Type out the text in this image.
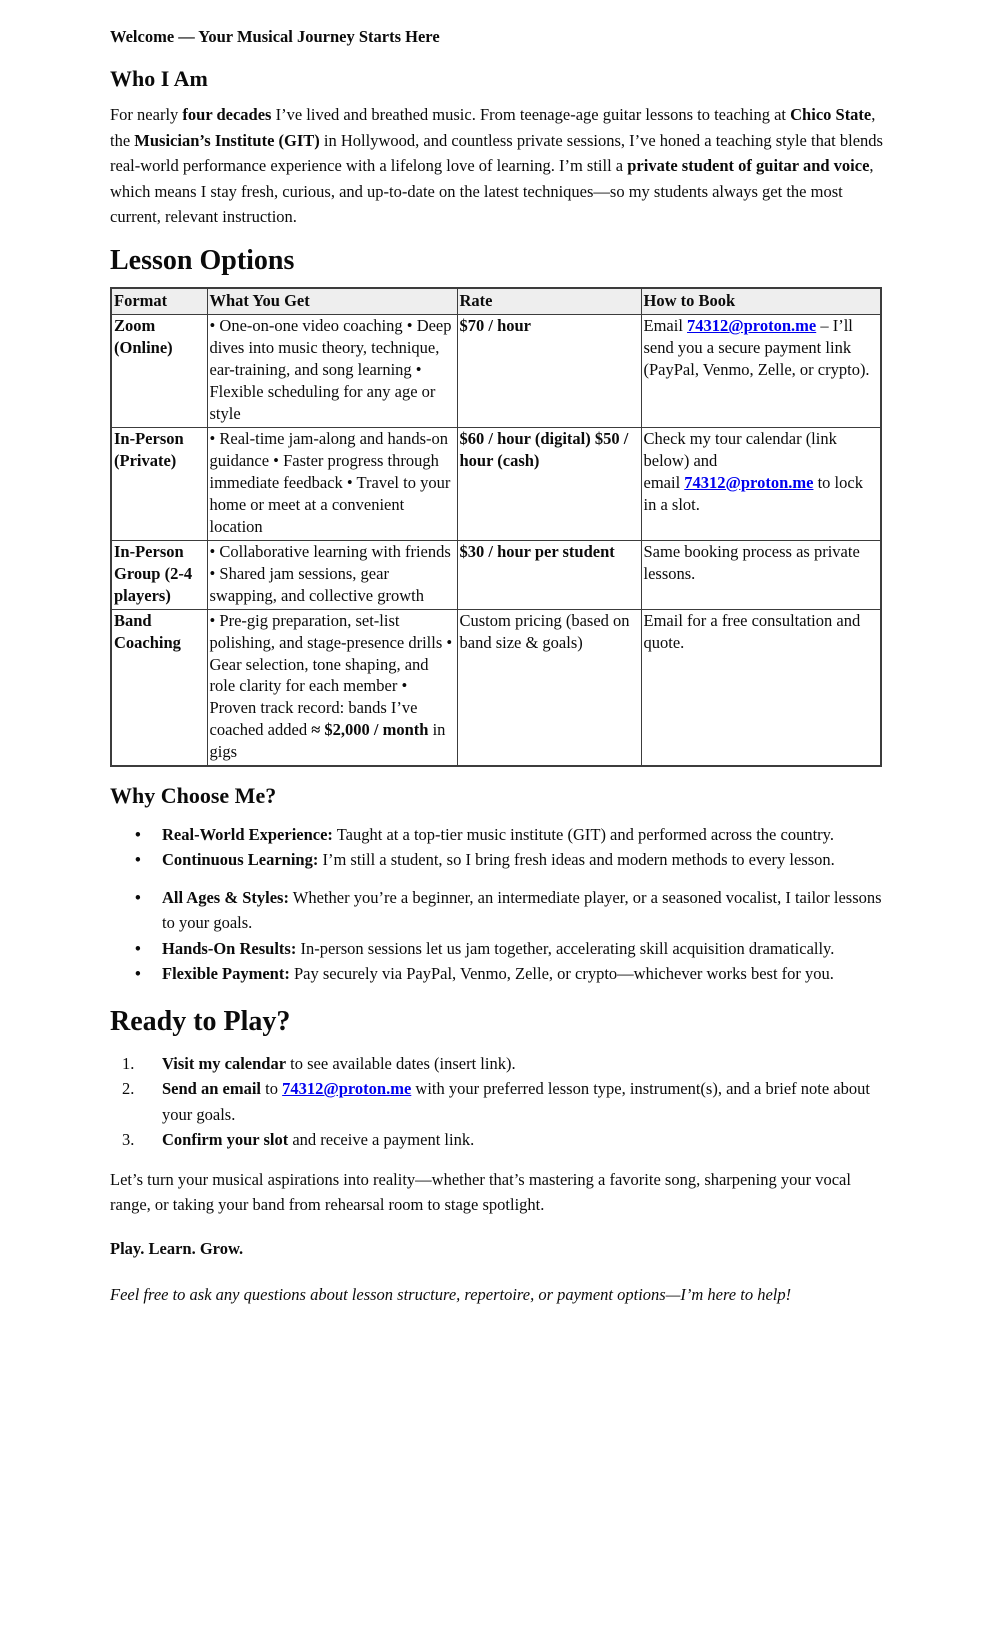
Welcome — Your Musical Journey Starts Here

Who I Am

For nearly four decades I’ve lived and breathed music. From teenage-age guitar lessons to teaching at Chico State, the Musician’s Institute (GIT) in Hollywood, and countless private sessions, I’ve honed a teaching style that blends real-world performance experience with a lifelong love of learning. I’m still a private student of guitar and voice, which means I stay fresh, curious, and up-to-date on the latest techniques—so my students always get the most current, relevant instruction.

Lesson Options
Format	What You Get	Rate	How to Book
Zoom (Online)	• One-on-one video coaching • Deep dives into music theory, technique, ear-training, and song learning • Flexible scheduling for any age or style	$70 / hour	Email 74312@proton.me – I’ll send you a secure payment link (PayPal, Venmo, Zelle, or crypto).
In-Person (Private)	• Real-time jam-along and hands-on guidance • Faster progress through immediate feedback • Travel to your home or meet at a convenient location	$60 / hour (digital) $50 / hour (cash)	Check my tour calendar (link below) and email 74312@proton.me to lock in a slot.
In-Person Group (2-4 players)	• Collaborative learning with friends • Shared jam sessions, gear swapping, and collective growth	$30 / hour per student	Same booking process as private lessons.
Band Coaching	• Pre-gig preparation, set-list polishing, and stage-presence drills • Gear selection, tone shaping, and role clarity for each member • Proven track record: bands I’ve coached added ≈ $2,000 / month in gigs	Custom pricing (based on band size & goals)	Email for a free consultation and quote.
Why Choose Me?
• Real-World Experience: Taught at a top-tier music institute (GIT) and performed across the country.
• Continuous Learning: I’m still a student, so I bring fresh ideas and modern methods to every lesson.
• All Ages & Styles: Whether you’re a beginner, an intermediate player, or a seasoned vocalist, I tailor lessons to your goals.
• Hands-On Results: In-person sessions let us jam together, accelerating skill acquisition dramatically.
• Flexible Payment: Pay securely via PayPal, Venmo, Zelle, or crypto—whichever works best for you.
Ready to Play?
Visit my calendar to see available dates (insert link).
Send an email to 74312@proton.me with your preferred lesson type, instrument(s), and a brief note about your goals.
Confirm your slot and receive a payment link.

Let’s turn your musical aspirations into reality—whether that’s mastering a favorite song, sharpening your vocal range, or taking your band from rehearsal room to stage spotlight.

Play. Learn. Grow.

Feel free to ask any questions about lesson structure, repertoire, or payment options—I’m here to help!
